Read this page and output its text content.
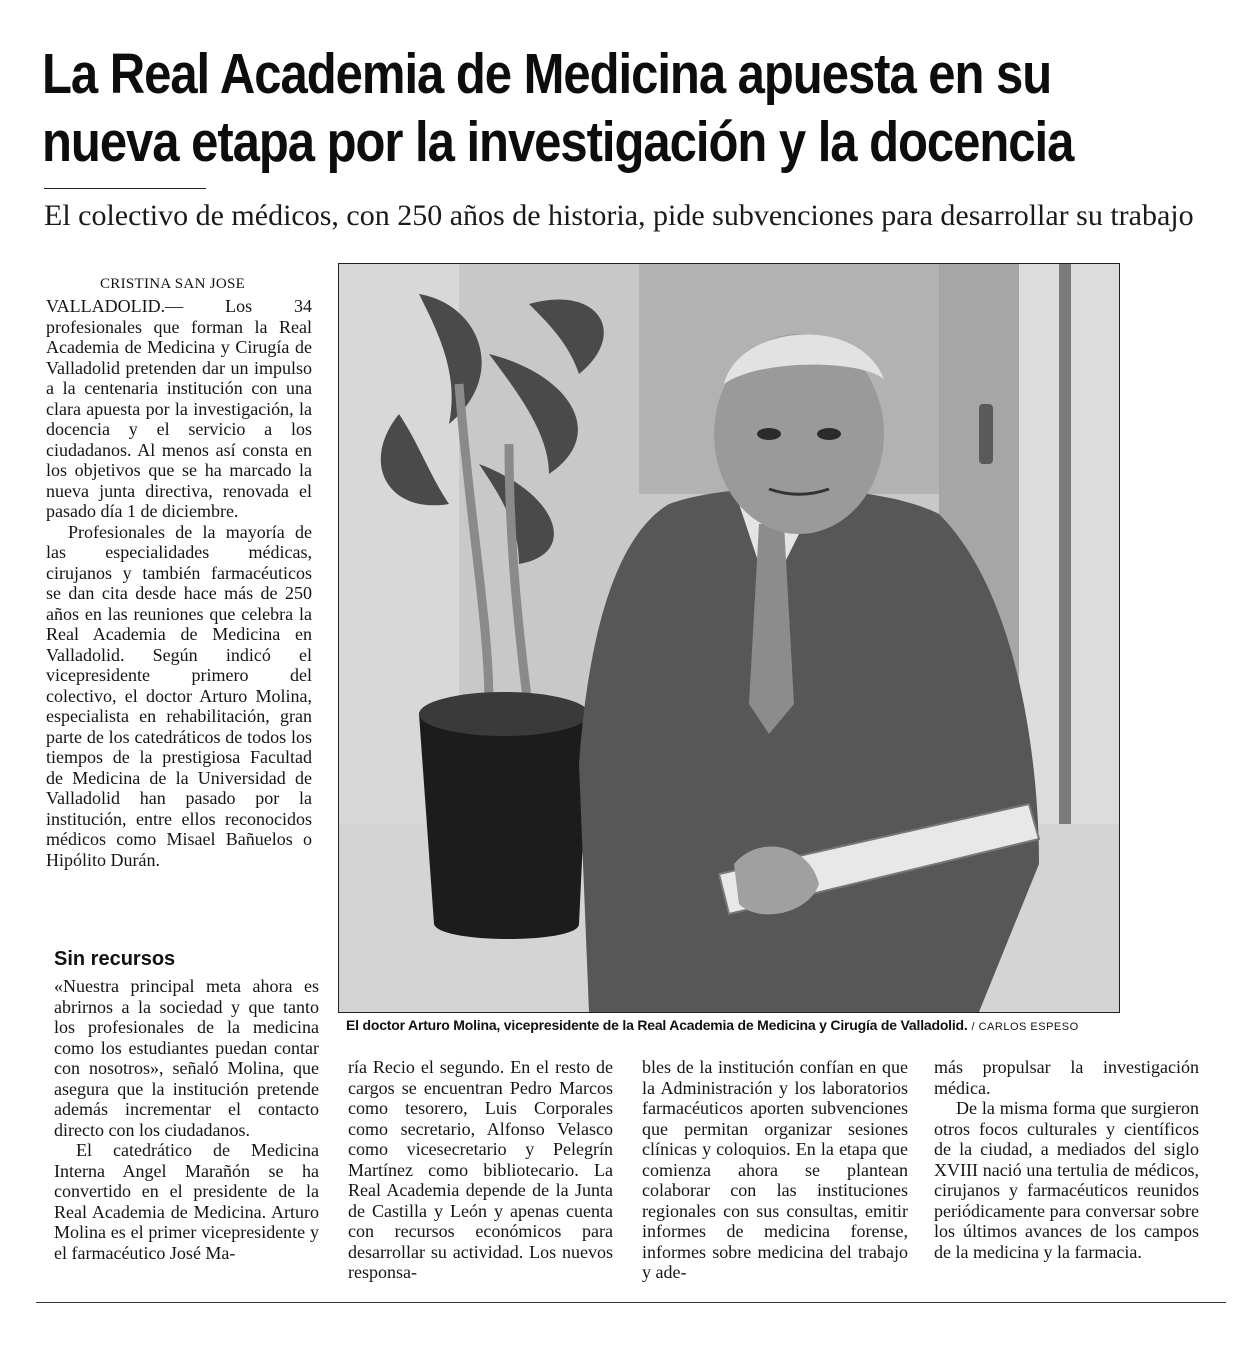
La Real Academia de Medicina apuesta en su
nueva etapa por la investigación y la docencia
El colectivo de médicos, con 250 años de historia, pide subvenciones para desarrollar su trabajo
CRISTINA SAN JOSE

VALLADOLID.— Los 34 profesionales que forman la Real Academia de Medicina y Cirugía de Valladolid pretenden dar un impulso a la centenaria institución con una clara apuesta por la investigación, la docencia y el servicio a los ciudadanos. Al menos así consta en los objetivos que se ha marcado la nueva junta directiva, renovada el pasado día 1 de diciembre.

Profesionales de la mayoría de las especialidades médicas, cirujanos y también farmacéuticos se dan cita desde hace más de 250 años en las reuniones que celebra la Real Academia de Medicina en Valladolid. Según indicó el vicepresidente primero del colectivo, el doctor Arturo Molina, especialista en rehabilitación, gran parte de los catedráticos de todos los tiempos de la prestigiosa Facultad de Medicina de la Universidad de Valladolid han pasado por la institución, entre ellos reconocidos médicos como Misael Bañuelos o Hipólito Durán.

Sin recursos

«Nuestra principal meta ahora es abrirnos a la sociedad y que tanto los profesionales de la medicina como los estudiantes puedan contar con nosotros», señaló Molina, que asegura que la institución pretende además incrementar el contacto directo con los ciudadanos.

El catedrático de Medicina Interna Angel Marañón se ha convertido en el presidente de la Real Academia de Medicina. Arturo Molina es el primer vicepresidente y el farmacéutico José Ma-

El doctor Arturo Molina, vicepresidente de la Real Academia de Medicina y Cirugía de Valladolid. / CARLOS ESPESO

ría Recio el segundo. En el resto de cargos se encuentran Pedro Marcos como tesorero, Luis Corporales como secretario, Alfonso Velasco como vicesecretario y Pelegrín Martínez como bibliotecario. La Real Academia depende de la Junta de Castilla y León y apenas cuenta con recursos económicos para desarrollar su actividad. Los nuevos responsa-

bles de la institución confían en que la Administración y los laboratorios farmacéuticos aporten subvenciones que permitan organizar sesiones clínicas y coloquios. En la etapa que comienza ahora se plantean colaborar con las instituciones regionales con sus consultas, emitir informes de medicina forense, informes sobre medicina del trabajo y ade-

más propulsar la investigación médica.

De la misma forma que surgieron otros focos culturales y científicos de la ciudad, a mediados del siglo XVIII nació una tertulia de médicos, cirujanos y farmacéuticos reunidos periódicamente para conversar sobre los últimos avances de los campos de la medicina y la farmacia.
